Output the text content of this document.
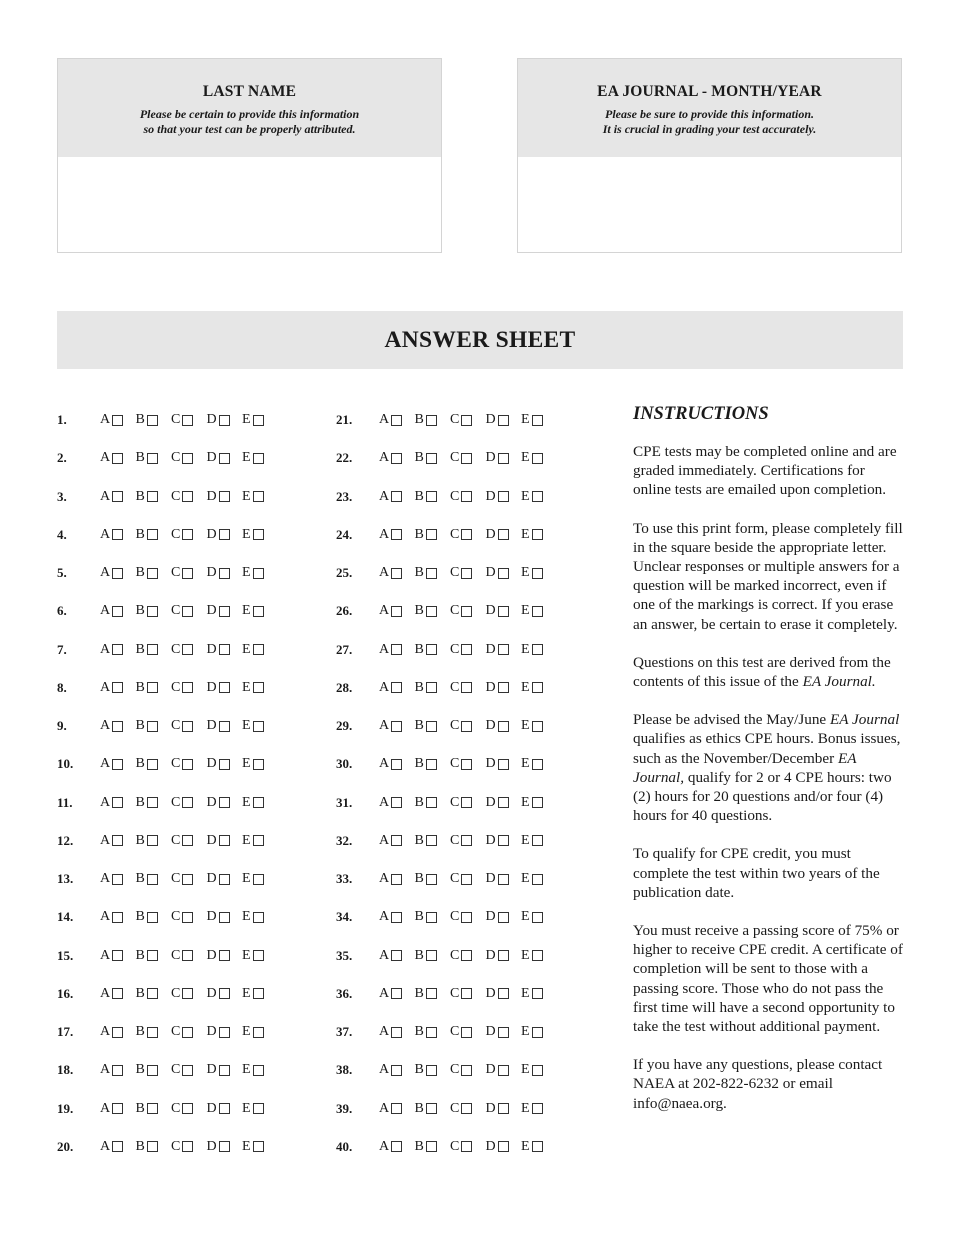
LAST NAME
Please be certain to provide this information
so that your test can be properly attributed.
EA JOURNAL - MONTH/YEAR
Please be sure to provide this information.
It is crucial in grading your test accurately.
ANSWER SHEET
1.	A B C D E
2.	A B C D E
3.	A B C D E
4.	A B C D E
5.	A B C D E
6.	A B C D E
7.	A B C D E
8.	A B C D E
9.	A B C D E
10.	A B C D E
11.	A B C D E
12.	A B C D E
13.	A B C D E
14.	A B C D E
15.	A B C D E
16.	A B C D E
17.	A B C D E
18.	A B C D E
19.	A B C D E
20.	A B C D E
21.	A B C D E
22.	A B C D E
23.	A B C D E
24.	A B C D E
25.	A B C D E
26.	A B C D E
27.	A B C D E
28.	A B C D E
29.	A B C D E
30.	A B C D E
31.	A B C D E
32.	A B C D E
33.	A B C D E
34.	A B C D E
35.	A B C D E
36.	A B C D E
37.	A B C D E
38.	A B C D E
39.	A B C D E
40.	A B C D E
INSTRUCTIONS

CPE tests may be completed online and are graded immediately. Certifications for online tests are emailed upon completion.

To use this print form, please completely fill in the square beside the appropriate letter. Unclear responses or multiple answers for a question will be marked incorrect, even if one of the markings is correct. If you erase an answer, be certain to erase it completely.

Questions on this test are derived from the contents of this issue of the EA Journal.

Please be advised the May/June EA Journal qualifies as ethics CPE hours. Bonus issues, such as the November/December EA Journal, qualify for 2 or 4 CPE hours: two (2) hours for 20 questions and/or four (4) hours for 40 questions.

To qualify for CPE credit, you must complete the test within two years of the publication date.

You must receive a passing score of 75% or higher to receive CPE credit. A certificate of completion will be sent to those with a passing score. Those who do not pass the first time will have a second opportunity to take the test without additional payment.

If you have any questions, please contact NAEA at 202-822-6232 or email info@naea.org.
